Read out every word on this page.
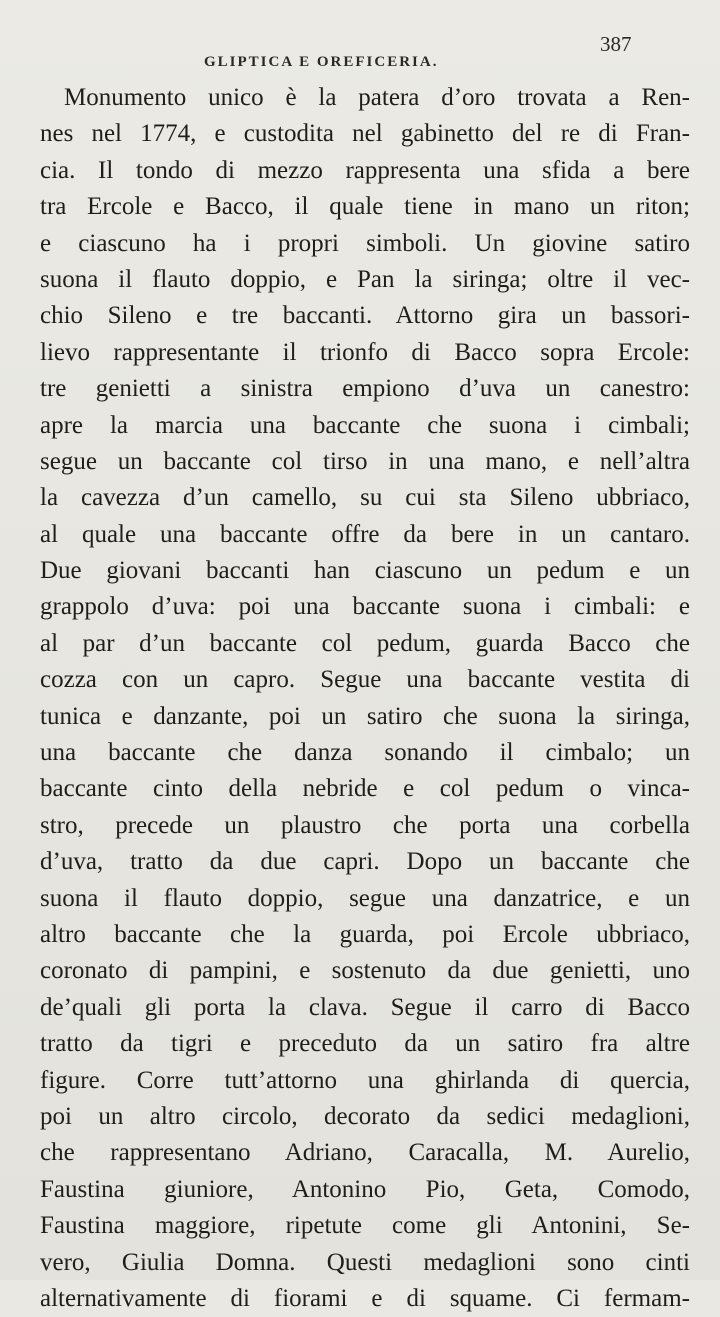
GLIPTICA E OREFICERIA.
387
Monumento unico è la patera d’oro trovata a Ren-
nes nel 1774, e custodita nel gabinetto del re di Fran-
cia. Il tondo di mezzo rappresenta una sfida a bere
tra Ercole e Bacco, il quale tiene in mano un riton;
e ciascuno ha i propri simboli. Un giovine satiro
suona il flauto doppio, e Pan la siringa; oltre il vec-
chio Sileno e tre baccanti. Attorno gira un bassori-
lievo rappresentante il trionfo di Bacco sopra Ercole:
tre genietti a sinistra empiono d’uva un canestro:
apre la marcia una baccante che suona i cimbali;
segue un baccante col tirso in una mano, e nell’altra
la cavezza d’un camello, su cui sta Sileno ubbriaco,
al quale una baccante offre da bere in un cantaro.
Due giovani baccanti han ciascuno un pedum e un
grappolo d’uva: poi una baccante suona i cimbali: e
al par d’un baccante col pedum, guarda Bacco che
cozza con un capro. Segue una baccante vestita di
tunica e danzante, poi un satiro che suona la siringa,
una baccante che danza sonando il cimbalo; un
baccante cinto della nebride e col pedum o vinca-
stro, precede un plaustro che porta una corbella
d’uva, tratto da due capri. Dopo un baccante che
suona il flauto doppio, segue una danzatrice, e un
altro baccante che la guarda, poi Ercole ubbriaco,
coronato di pampini, e sostenuto da due genietti, uno
de’quali gli porta la clava. Segue il carro di Bacco
tratto da tigri e preceduto da un satiro fra altre
figure. Corre tutt’attorno una ghirlanda di quercia,
poi un altro circolo, decorato da sedici medaglioni,
che rappresentano Adriano, Caracalla, M. Aurelio,
Faustina giuniore, Antonino Pio, Geta, Comodo,
Faustina maggiore, ripetute come gli Antonini, Se-
vero, Giulia Domna. Questi medaglioni sono cinti
alternativamente di fiorami e di squame. Ci fermam-
